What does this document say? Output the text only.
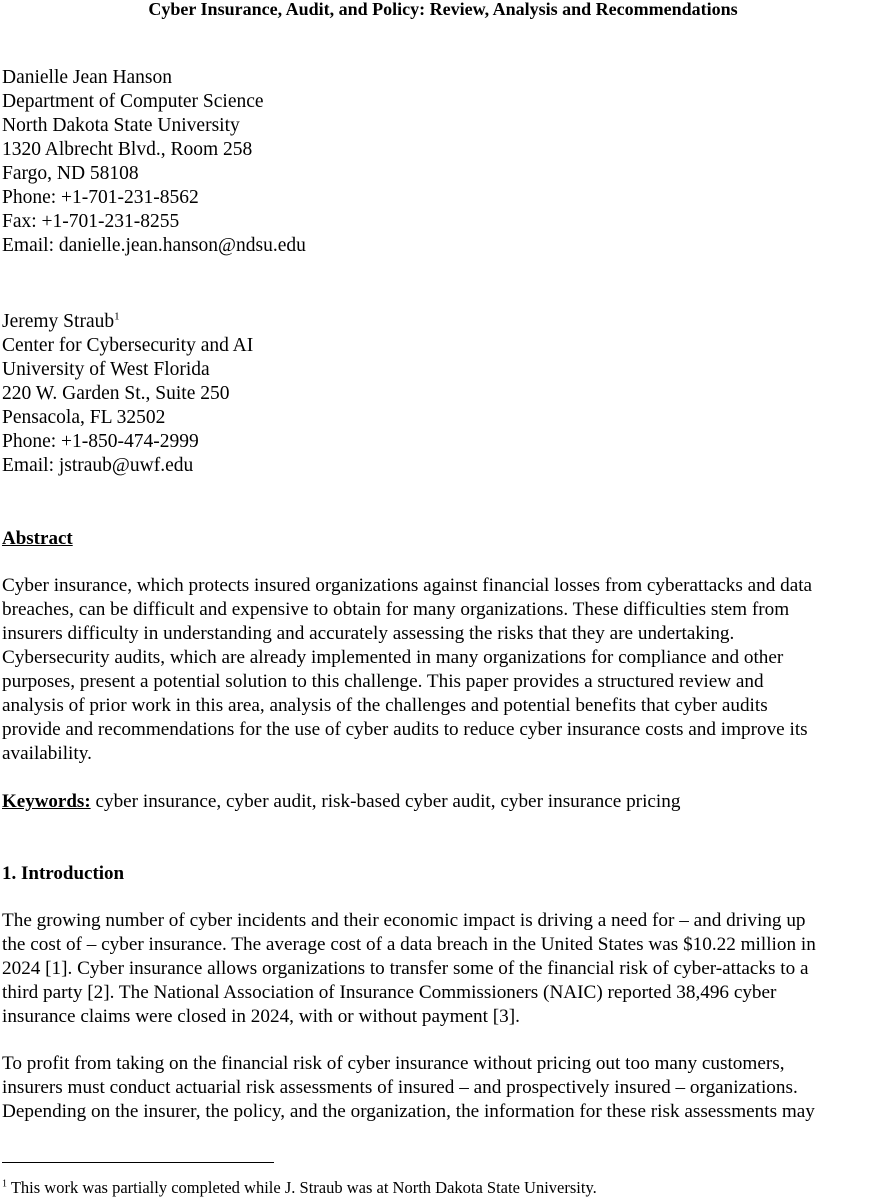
Cyber Insurance, Audit, and Policy: Review, Analysis and Recommendations
Danielle Jean Hanson
Department of Computer Science
North Dakota State University
1320 Albrecht Blvd., Room 258
Fargo, ND 58108
Phone: +1-701-231-8562
Fax: +1-701-231-8255
Email: danielle.jean.hanson@ndsu.edu
Jeremy Straub$^1$
Center for Cybersecurity and AI
University of West Florida
220 W. Garden St., Suite 250
Pensacola, FL 32502
Phone: +1-850-474-2999
Email: jstraub@uwf.edu
Abstract
Cyber insurance, which protects insured organizations against financial losses from cyberattacks and data
breaches, can be difficult and expensive to obtain for many organizations. These difficulties stem from
insurers difficulty in understanding and accurately assessing the risks that they are undertaking.
Cybersecurity audits, which are already implemented in many organizations for compliance and other
purposes, present a potential solution to this challenge. This paper provides a structured review and
analysis of prior work in this area, analysis of the challenges and potential benefits that cyber audits
provide and recommendations for the use of cyber audits to reduce cyber insurance costs and improve its
availability.
Keywords: cyber insurance, cyber audit, risk-based cyber audit, cyber insurance pricing
1. Introduction
The growing number of cyber incidents and their economic impact is driving a need for – and driving up
the cost of – cyber insurance. The average cost of a data breach in the United States was $10.22 million in
2024 [1]. Cyber insurance allows organizations to transfer some of the financial risk of cyber-attacks to a
third party [2]. The National Association of Insurance Commissioners (NAIC) reported 38,496 cyber
insurance claims were closed in 2024, with or without payment [3].
To profit from taking on the financial risk of cyber insurance without pricing out too many customers,
insurers must conduct actuarial risk assessments of insured – and prospectively insured – organizations.
Depending on the insurer, the policy, and the organization, the information for these risk assessments may
$^1$ This work was partially completed while J. Straub was at North Dakota State University.
